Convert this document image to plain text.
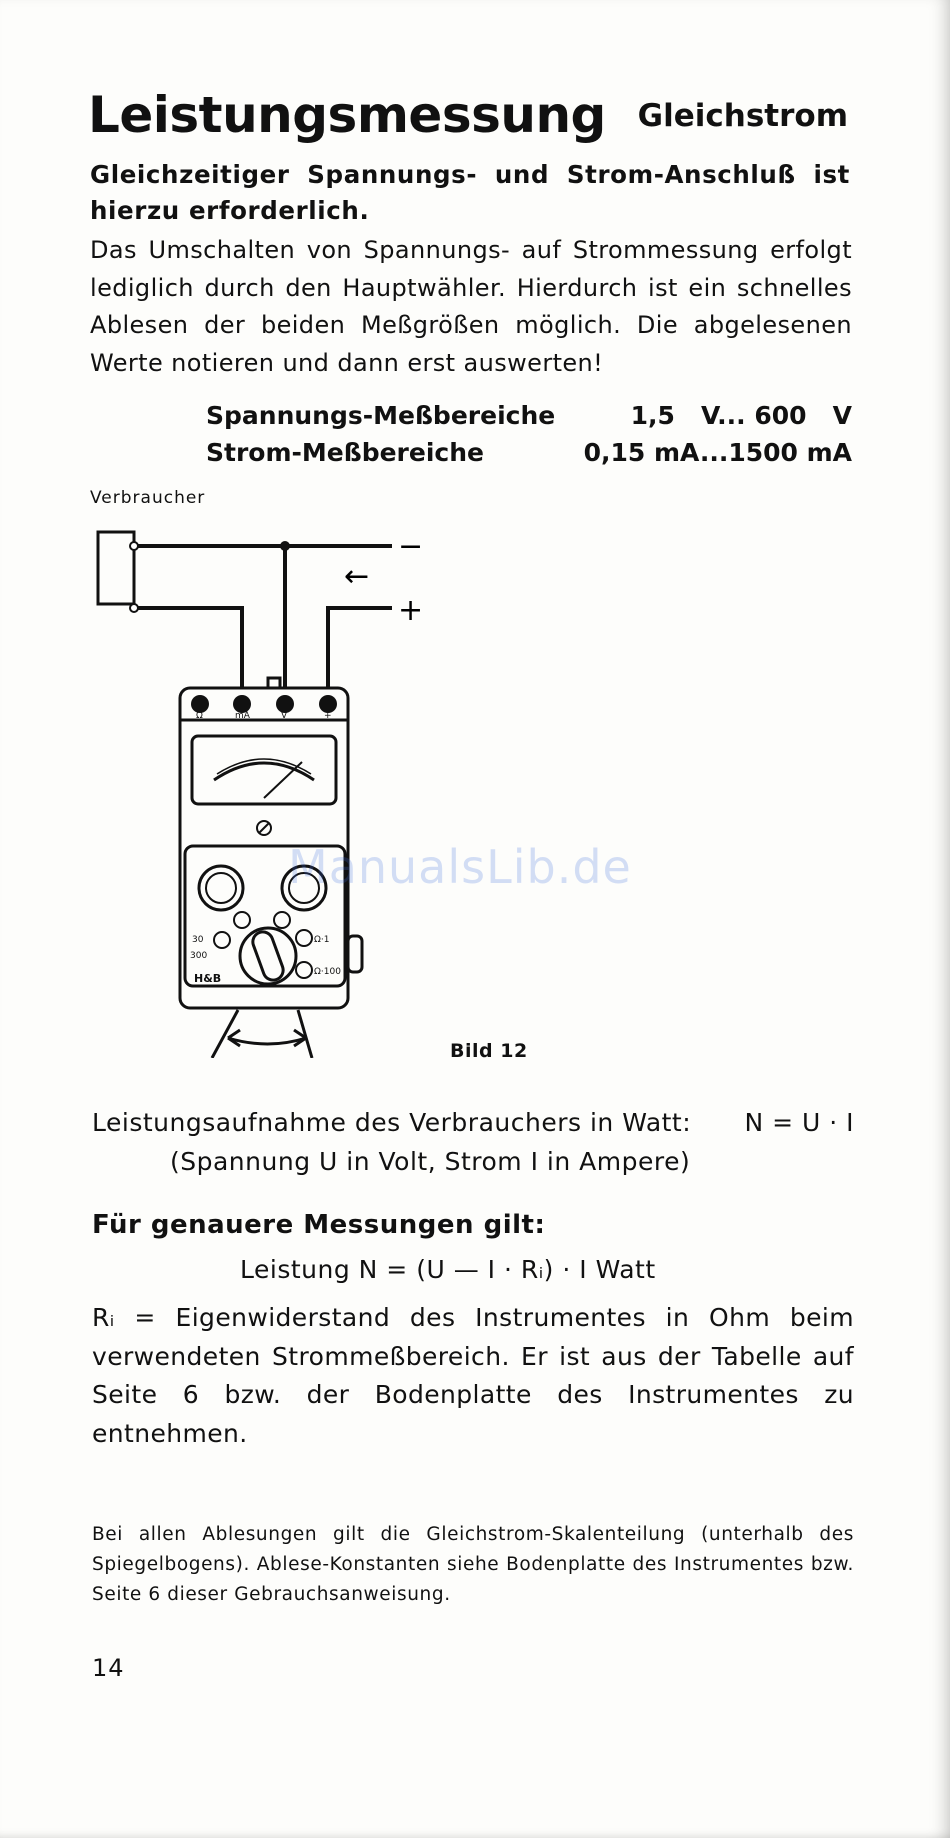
Leistungsmessung Gleichstrom
Gleichzeitiger Spannungs- und Strom-Anschluß ist hierzu erforderlich.
Das Umschalten von Spannungs- auf Strommessung erfolgt lediglich durch den Hauptwähler. Hierdurch ist ein schnelles Ablesen der beiden Meßgrößen möglich. Die abgelesenen Werte notieren und dann erst auswerten!
Spannungs-Meßbereiche	1,5   V... 600   V
Strom-Meßbereiche	0,15 mA...1500 mA
Verbraucher
−
+
←
Ω	mA	V	+
30
300
Ω·1
Ω·100
H&B
Bild 12
ManualsLib.de
Leistungsaufnahme des Verbrauchers in Watt: N = U · I
(Spannung U in Volt, Strom I in Ampere)
Für genauere Messungen gilt:
Leistung N = (U — I · Rᵢ) · I Watt
Rᵢ = Eigenwiderstand des Instrumentes in Ohm beim verwendeten Strommeßbereich. Er ist aus der Tabelle auf Seite 6 bzw. der Bodenplatte des Instrumentes zu entnehmen.
Bei allen Ablesungen gilt die Gleichstrom-Skalenteilung (unterhalb des Spiegelbogens). Ablese-Konstanten siehe Bodenplatte des Instrumentes bzw. Seite 6 dieser Gebrauchsanweisung.
14
